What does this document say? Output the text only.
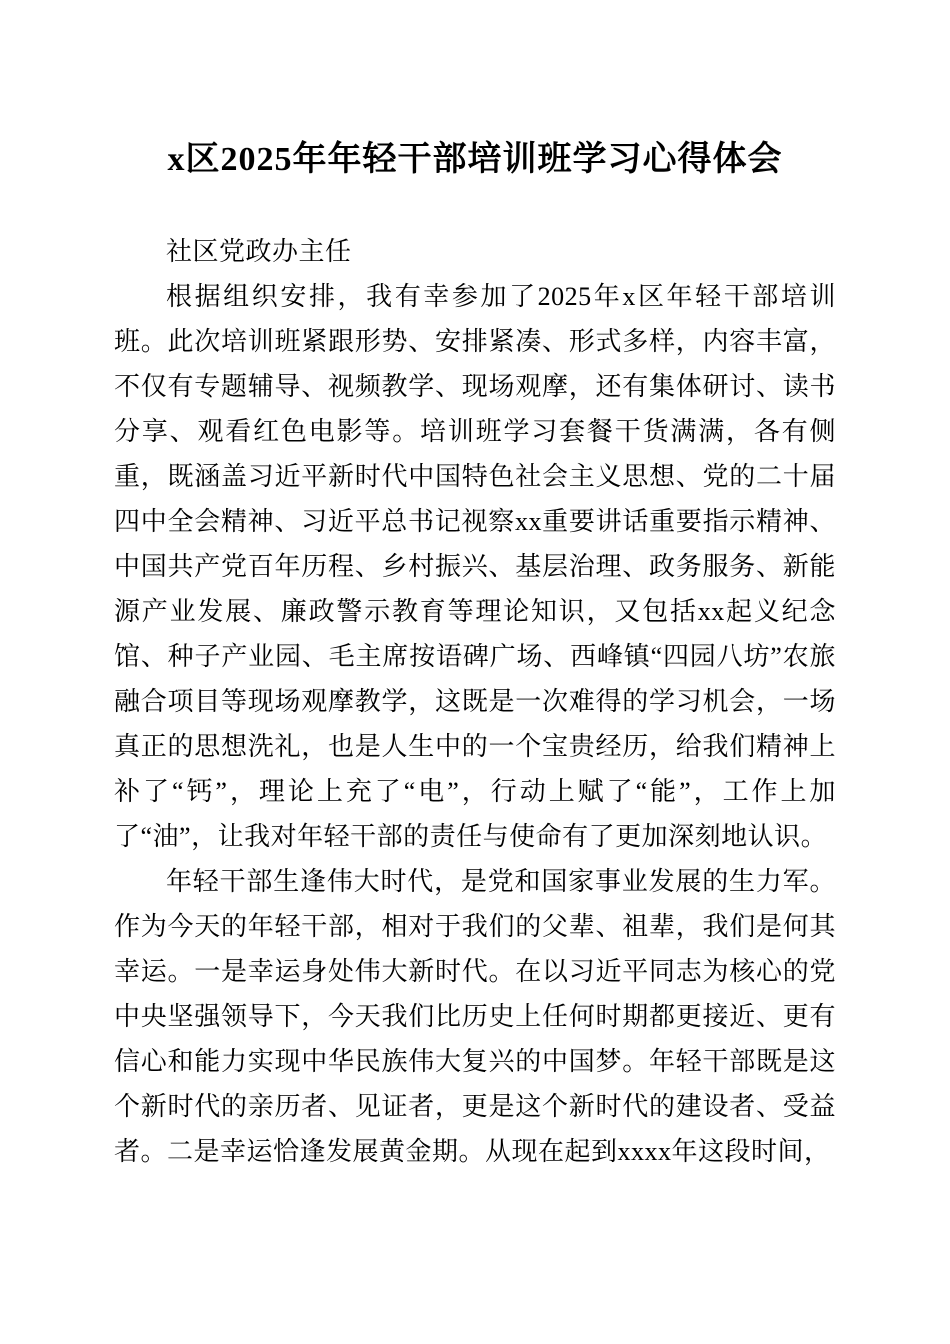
x区2025年年轻干部培训班学习心得体会

社区党政办主任

根据组织安排，我有幸参加了2025年x区年轻干部培训班。此次培训班紧跟形势、安排紧凑、形式多样，内容丰富，不仅有专题辅导、视频教学、现场观摩，还有集体研讨、读书分享、观看红色电影等。培训班学习套餐干货满满，各有侧重，既涵盖习近平新时代中国特色社会主义思想、党的二十届四中全会精神、习近平总书记视察xx重要讲话重要指示精神、中国共产党百年历程、乡村振兴、基层治理、政务服务、新能源产业发展、廉政警示教育等理论知识，又包括xx起义纪念馆、种子产业园、毛主席按语碑广场、西峰镇“四园八坊”农旅融合项目等现场观摩教学，这既是一次难得的学习机会，一场真正的思想洗礼，也是人生中的一个宝贵经历，给我们精神上补了“钙”，理论上充了“电”，行动上赋了“能”，工作上加了“油”，让我对年轻干部的责任与使命有了更加深刻地认识。

年轻干部生逢伟大时代，是党和国家事业发展的生力军。作为今天的年轻干部，相对于我们的父辈、祖辈，我们是何其幸运。一是幸运身处伟大新时代。在以习近平同志为核心的党中央坚强领导下，今天我们比历史上任何时期都更接近、更有信心和能力实现中华民族伟大复兴的中国梦。年轻干部既是这个新时代的亲历者、见证者，更是这个新时代的建设者、受益者。二是幸运恰逢发展黄金期。从现在起到xxxx年这段时间，
